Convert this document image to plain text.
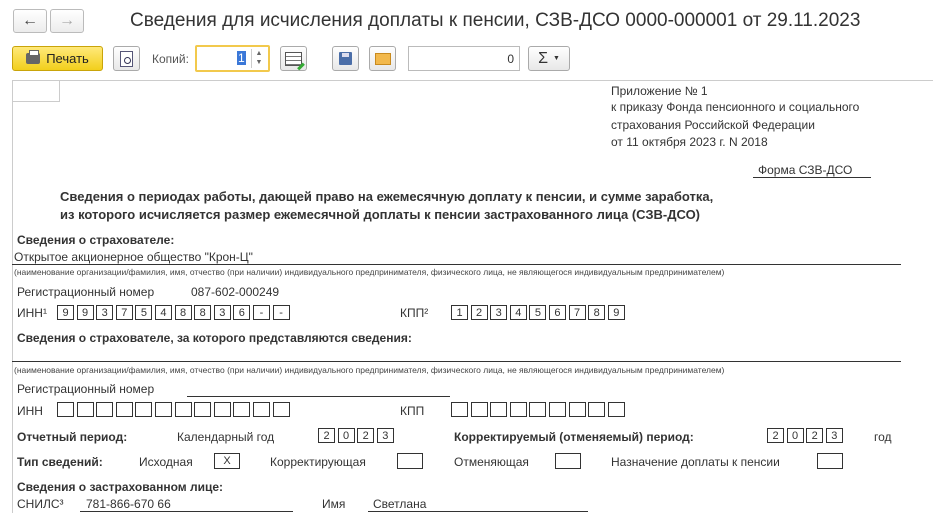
← →	Сведения для исчисления доплаты к пенсии, СЗВ-ДСО 0000-000001 от 29.11.2023
Печать	Копий:	1	▲
▼	0 Σ ▼
Приложение № 1
к приказу Фонда пенсионного и социального
страхования Российской Федерации
от 11 октября 2023 г. N 2018
Форма СЗВ-ДСО
Сведения о периодах работы, дающей право на ежемесячную доплату к пенсии, и сумме заработка,
из которого исчисляется размер ежемесячной доплаты к пенсии застрахованного лица (СЗВ-ДСО)
Сведения о страхователе:
Открытое акционерное общество "Крон-Ц"
(наименование организации/фамилия, имя, отчество (при наличии) индивидуального предпринимателя, физического лица, не являющегося индивидуальным предпринимателем)
Регистрационный номер	087-602-000249
ИНН¹	9	9	3	7	5	4	8	8	3	6	-	-	КПП²	1	2	3	4	5	6	7	8	9
Сведения о страхователе, за которого представляются сведения:
(наименование организации/фамилия, имя, отчество (при наличии) индивидуального предпринимателя, физического лица, не являющегося индивидуальным предпринимателем)
Регистрационный номер
ИНН	КПП
Отчетный период:	Календарный год	2	0	2	3	Корректируемый (отменяемый) период:	2	0	2	3	год
Тип сведений:	Исходная	X	Корректирующая	Отменяющая	Назначение доплаты к пенсии
Сведения о застрахованном лице:
СНИЛС³ 781-866-670 66	Имя Светлана
